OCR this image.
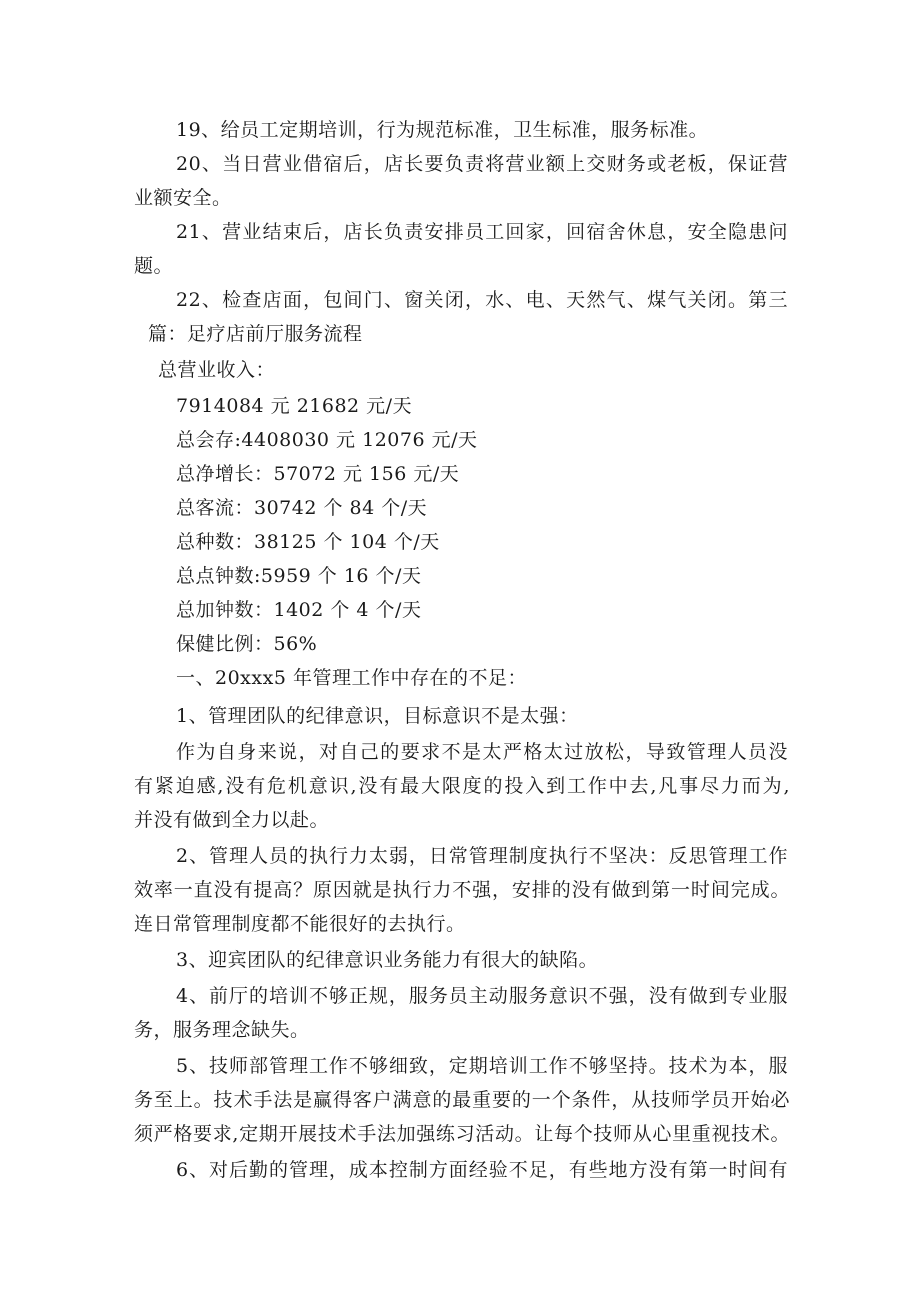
19、给员工定期培训，行为规范标准，卫生标准，服务标准。
20、当日营业借宿后，店长要负责将营业额上交财务或老板，保证营
业额安全。
21、营业结束后，店长负责安排员工回家，回宿舍休息，安全隐患问
题。
22、检查店面，包间门、窗关闭，水、电、天然气、煤气关闭。第三
篇：足疗店前厅服务流程
总营业收入：
7914084 元 21682 元/天
总会存:4408030 元 12076 元/天
总净增长：57072 元 156 元/天
总客流：30742 个 84 个/天
总种数：38125 个 104 个/天
总点钟数:5959 个 16 个/天
总加钟数：1402 个 4 个/天
保健比例：56%
一、20xxx5 年管理工作中存在的不足：
1、管理团队的纪律意识，目标意识不是太强：
作为自身来说，对自己的要求不是太严格太过放松，导致管理人员没
有紧迫感,没有危机意识,没有最大限度的投入到工作中去,凡事尽力而为,
并没有做到全力以赴。
2、管理人员的执行力太弱，日常管理制度执行不坚决：反思管理工作
效率一直没有提高？原因就是执行力不强，安排的没有做到第一时间完成。
连日常管理制度都不能很好的去执行。
3、迎宾团队的纪律意识业务能力有很大的缺陷。
4、前厅的培训不够正规，服务员主动服务意识不强，没有做到专业服
务，服务理念缺失。
5、技师部管理工作不够细致，定期培训工作不够坚持。技术为本，服
务至上。技术手法是赢得客户满意的最重要的一个条件，从技师学员开始必
须严格要求,定期开展技术手法加强练习活动。让每个技师从心里重视技术。
6、对后勤的管理，成本控制方面经验不足，有些地方没有第一时间有
